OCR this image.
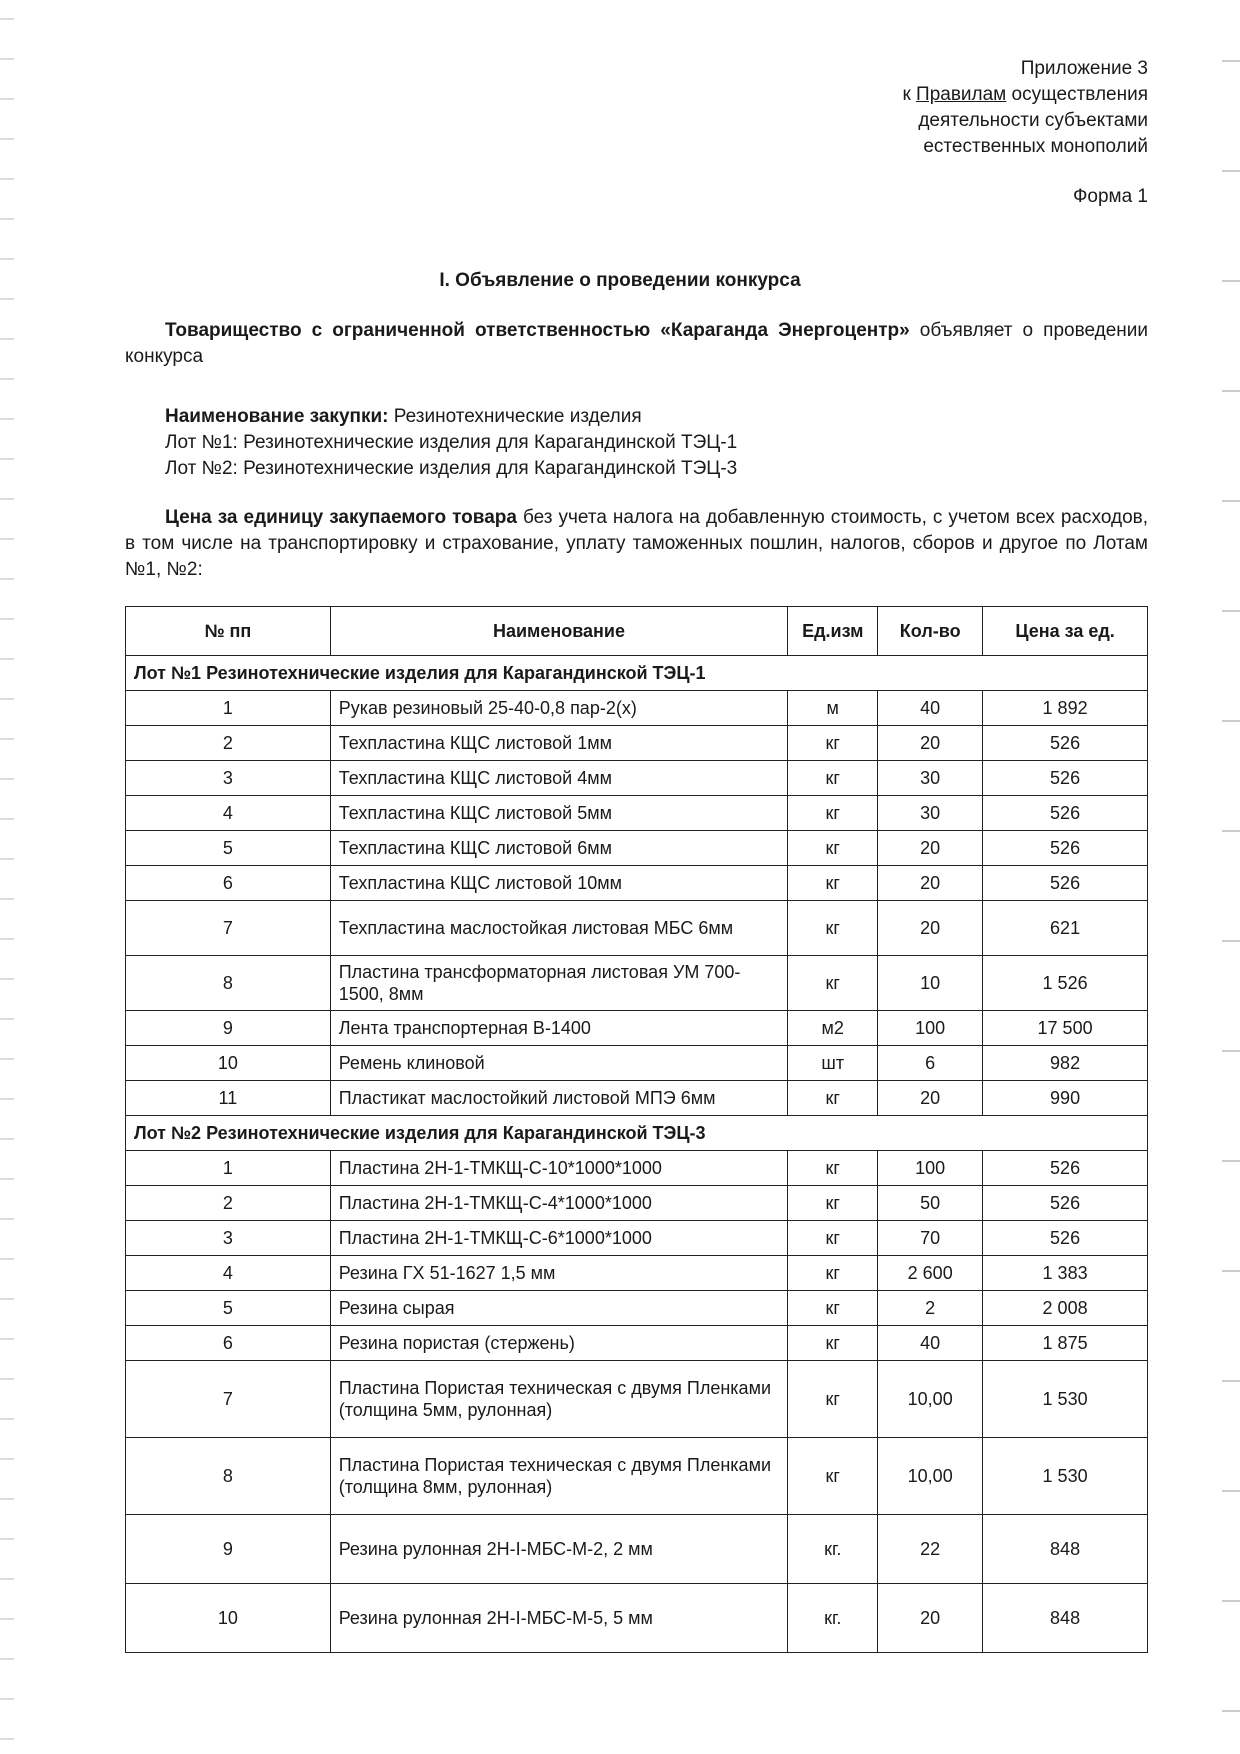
Приложение 3
к Правилам осуществления
деятельности субъектами
естественных монополий
Форма 1
I. Объявление о проведении конкурса
Товарищество с ограниченной ответственностью «Караганда Энергоцентр» объявляет о проведении конкурса
Наименование закупки: Резинотехнические изделия
Лот №1: Резинотехнические изделия для Карагандинской ТЭЦ-1
Лот №2: Резинотехнические изделия для Карагандинской ТЭЦ-3
Цена за единицу закупаемого товара без учета налога на добавленную стоимость, с учетом всех расходов, в том числе на транспортировку и страхование, уплату таможенных пошлин, налогов, сборов и другое по Лотам №1, №2:
№ пп	Наименование	Ед.изм	Кол-во	Цена за ед.
Лот №1 Резинотехнические изделия для Карагандинской ТЭЦ-1				
1	Рукав резиновый 25-40-0,8 пар-2(х)	м	40	1 892
2	Техпластина КЩС листовой 1мм	кг	20	526
3	Техпластина КЩС листовой 4мм	кг	30	526
4	Техпластина КЩС листовой 5мм	кг	30	526
5	Техпластина КЩС листовой 6мм	кг	20	526
6	Техпластина КЩС листовой 10мм	кг	20	526
7	Техпластина маслостойкая листовая МБС 6мм	кг	20	621
8	Пластина трансформаторная листовая УМ 700-1500, 8мм	кг	10	1 526
9	Лента транспортерная В-1400	м2	100	17 500
10	Ремень клиновой	шт	6	982
11	Пластикат маслостойкий листовой МПЭ 6мм	кг	20	990
Лот №2 Резинотехнические изделия для Карагандинской ТЭЦ-3				
1	Пластина 2Н-1-ТМКЩ-С-10*1000*1000	кг	100	526
2	Пластина 2Н-1-ТМКЩ-С-4*1000*1000	кг	50	526
3	Пластина 2Н-1-ТМКЩ-С-6*1000*1000	кг	70	526
4	Резина ГХ 51-1627 1,5 мм	кг	2 600	1 383
5	Резина сырая	кг	2	2 008
6	Резина пористая (стержень)	кг	40	1 875
7	Пластина Пористая техническая с двумя Пленками (толщина 5мм, рулонная)	кг	10,00	1 530
8	Пластина Пористая техническая с двумя Пленками (толщина 8мм, рулонная)	кг	10,00	1 530
9	Резина рулонная 2Н-I-МБС-М-2, 2 мм	кг.	22	848
10	Резина рулонная 2Н-I-МБС-М-5, 5 мм	кг.	20	848
